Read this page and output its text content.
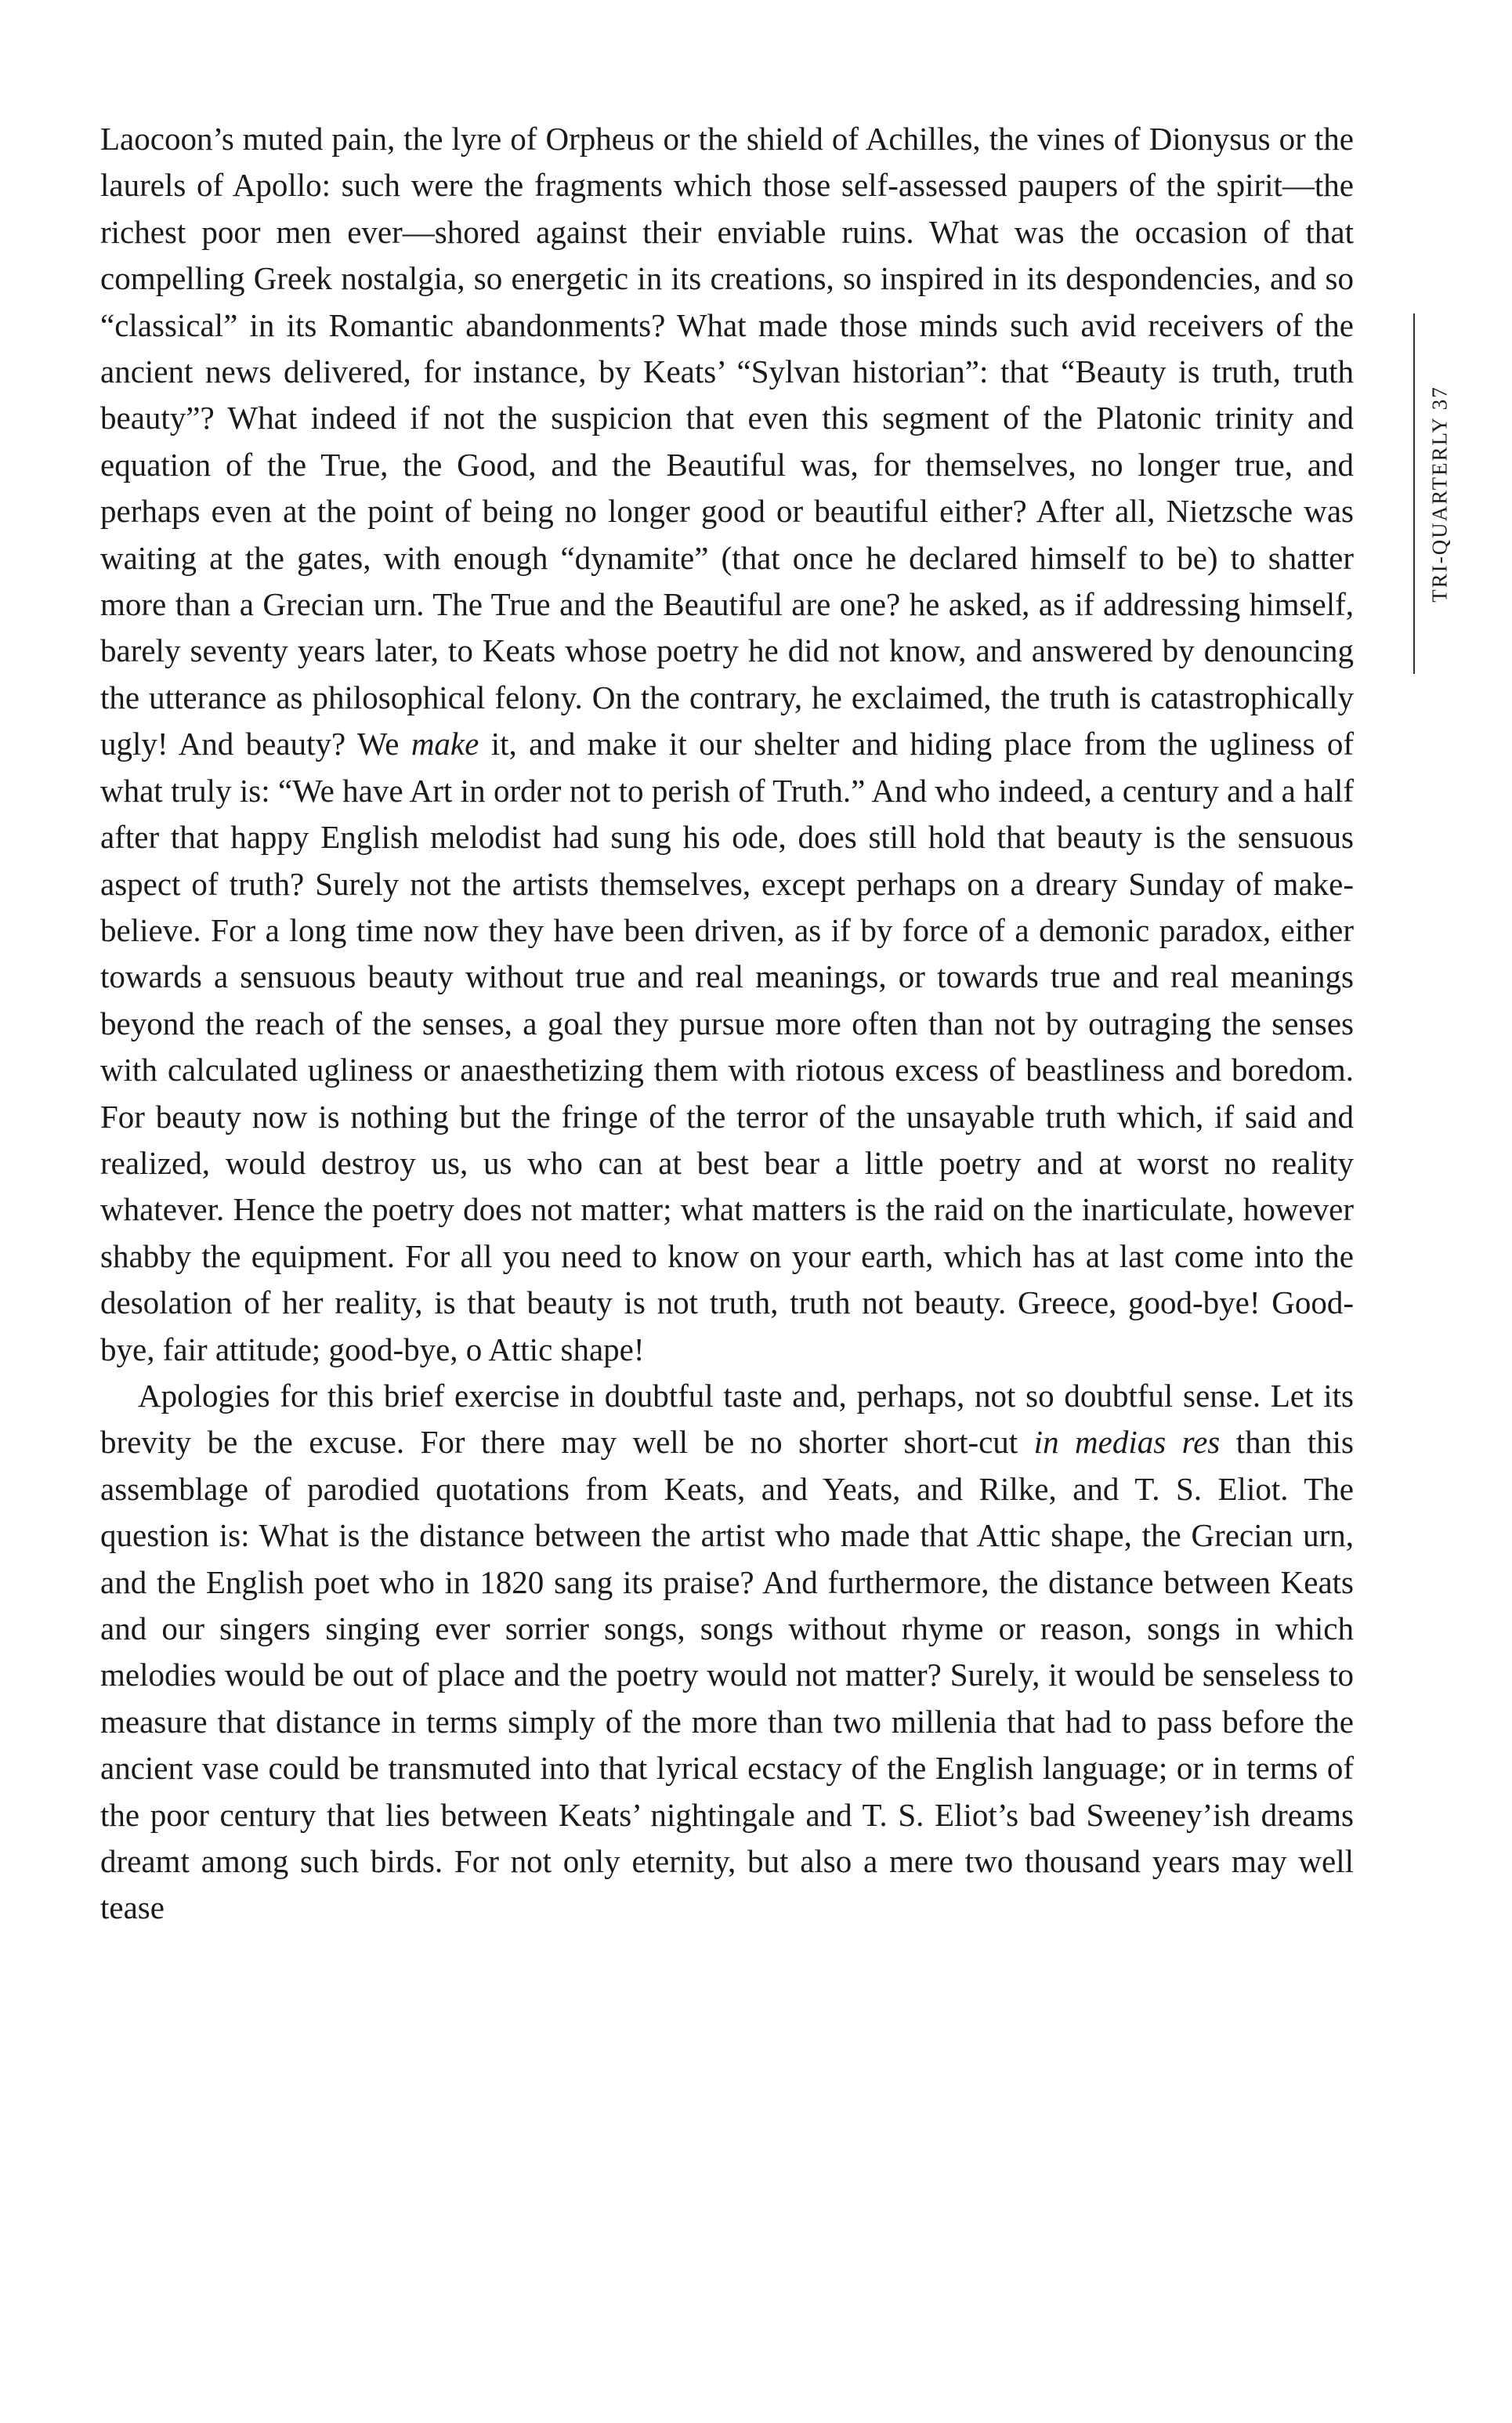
Laocoon’s muted pain, the lyre of Orpheus or the shield of Achilles, the vines of Dionysus or the laurels of Apollo: such were the fragments which those self-assessed paupers of the spirit—the richest poor men ever—shored against their enviable ruins. What was the occasion of that compelling Greek nostalgia, so energetic in its creations, so inspired in its despondencies, and so “classical” in its Romantic abandonments? What made those minds such avid receivers of the ancient news delivered, for instance, by Keats’ “Sylvan historian”: that “Beauty is truth, truth beauty”? What indeed if not the suspicion that even this segment of the Platonic trinity and equation of the True, the Good, and the Beautiful was, for themselves, no longer true, and perhaps even at the point of being no longer good or beautiful either? After all, Nietzsche was waiting at the gates, with enough “dynamite” (that once he declared himself to be) to shatter more than a Grecian urn. The True and the Beautiful are one? he asked, as if addressing himself, barely seventy years later, to Keats whose poetry he did not know, and answered by denouncing the utterance as philosophical felony. On the contrary, he exclaimed, the truth is catastrophically ugly! And beauty? We make it, and make it our shelter and hiding place from the ugliness of what truly is: “We have Art in order not to perish of Truth.” And who indeed, a century and a half after that happy English melodist had sung his ode, does still hold that beauty is the sensuous aspect of truth? Surely not the artists themselves, except perhaps on a dreary Sunday of make-believe. For a long time now they have been driven, as if by force of a demonic paradox, either towards a sensuous beauty without true and real meanings, or towards true and real meanings beyond the reach of the senses, a goal they pursue more often than not by outraging the senses with calculated ugliness or anaesthetizing them with riotous excess of beastliness and boredom. For beauty now is nothing but the fringe of the terror of the unsayable truth which, if said and realized, would destroy us, us who can at best bear a little poetry and at worst no reality whatever. Hence the poetry does not matter; what matters is the raid on the inarticulate, however shabby the equipment. For all you need to know on your earth, which has at last come into the desolation of her reality, is that beauty is not truth, truth not beauty. Greece, good-bye! Good-bye, fair attitude; good-bye, o Attic shape!

Apologies for this brief exercise in doubtful taste and, perhaps, not so doubtful sense. Let its brevity be the excuse. For there may well be no shorter short-cut in medias res than this assemblage of parodied quotations from Keats, and Yeats, and Rilke, and T. S. Eliot. The question is: What is the distance between the artist who made that Attic shape, the Grecian urn, and the English poet who in 1820 sang its praise? And furthermore, the distance between Keats and our singers singing ever sorrier songs, songs without rhyme or reason, songs in which melodies would be out of place and the poetry would not matter? Surely, it would be senseless to measure that distance in terms simply of the more than two millenia that had to pass before the ancient vase could be transmuted into that lyrical ecstacy of the English language; or in terms of the poor century that lies between Keats’ nightingale and T. S. Eliot’s bad Sweeney’ish dreams dreamt among such birds. For not only eternity, but also a mere two thousand years may well tease

TRI-QUARTERLY 37
